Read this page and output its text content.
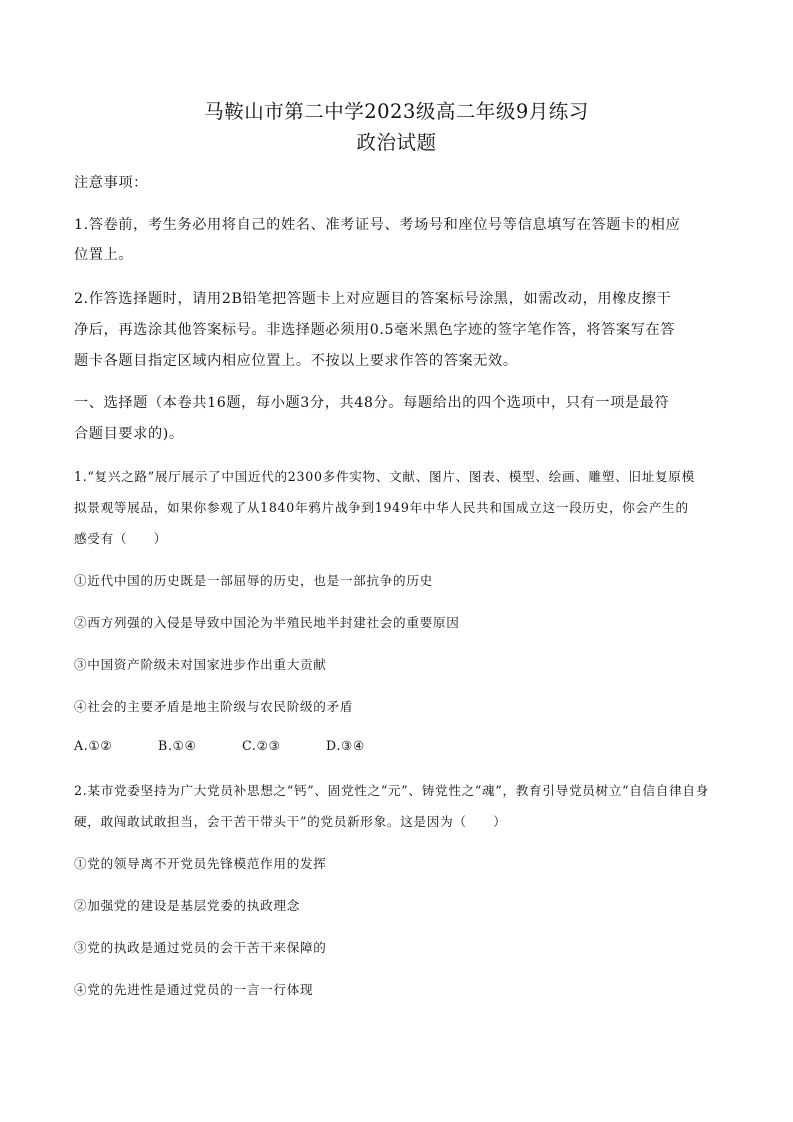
马鞍山市第二中学2023级高二年级9月练习
政治试题
注意事项：
1.答卷前，考生务必用将自己的姓名、准考证号、考场号和座位号等信息填写在答题卡的相应
位置上。
2.作答选择题时，请用2B铅笔把答题卡上对应题目的答案标号涂黑，如需改动，用橡皮擦干
净后，再选涂其他答案标号。非选择题必须用0.5毫米黑色字迹的签字笔作答，将答案写在答
题卡各题目指定区域内相应位置上。不按以上要求作答的答案无效。
一、选择题（本卷共16题，每小题3分，共48分。每题给出的四个选项中，只有一项是最符
合题目要求的)。
1.“复兴之路”展厅展示了中国近代的2300多件实物、文献、图片、图表、模型、绘画、雕塑、旧址复原模
拟景观等展品，如果你参观了从1840年鸦片战争到1949年中华人民共和国成立这一段历史，你会产生的
感受有（　　）
①近代中国的历史既是一部屈辱的历史，也是一部抗争的历史
②西方列强的入侵是导致中国沦为半殖民地半封建社会的重要原因
③中国资产阶级未对国家进步作出重大贡献
④社会的主要矛盾是地主阶级与农民阶级的矛盾
A.①②	B.①④	C.②③	D.③④
2.某市党委坚持为广大党员补思想之“钙”、固党性之“元”、铸党性之“魂”，教育引导党员树立“自信自律自身
硬，敢闯敢试敢担当，会干苦干带头干”的党员新形象。这是因为（　　）
①党的领导离不开党员先锋模范作用的发挥
②加强党的建设是基层党委的执政理念
③党的执政是通过党员的会干苦干来保障的
④党的先进性是通过党员的一言一行体现
